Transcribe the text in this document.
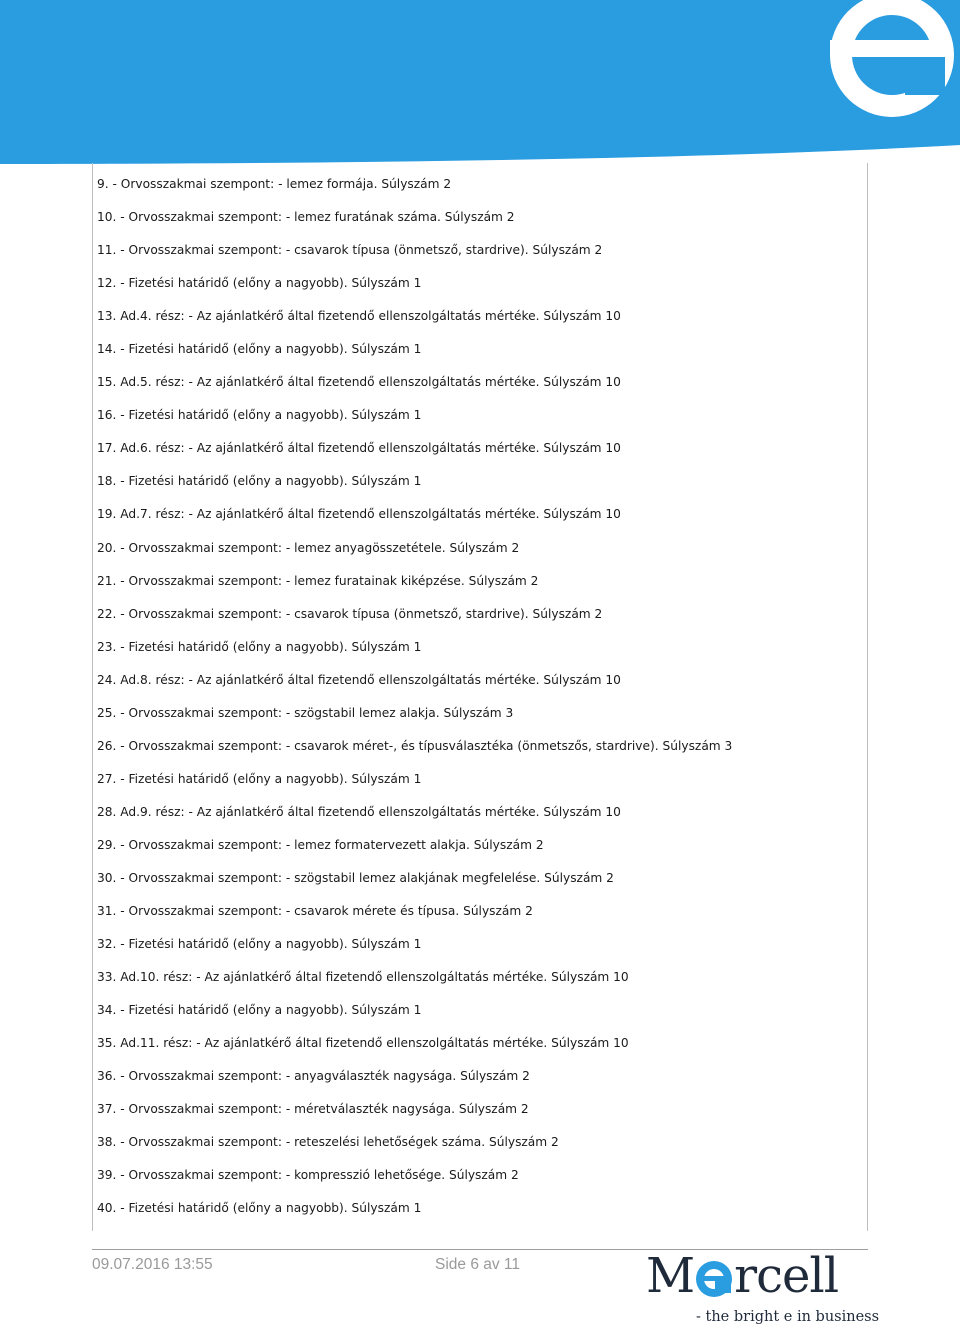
9. - Orvosszakmai szempont: - lemez formája. Súlyszám 2
10. - Orvosszakmai szempont: - lemez furatának száma. Súlyszám 2
11. - Orvosszakmai szempont: - csavarok típusa (önmetsző, stardrive). Súlyszám 2
12. - Fizetési határidő (előny a nagyobb). Súlyszám 1
13. Ad.4. rész: - Az ajánlatkérő által fizetendő ellenszolgáltatás mértéke. Súlyszám 10
14. - Fizetési határidő (előny a nagyobb). Súlyszám 1
15. Ad.5. rész: - Az ajánlatkérő által fizetendő ellenszolgáltatás mértéke. Súlyszám 10
16. - Fizetési határidő (előny a nagyobb). Súlyszám 1
17. Ad.6. rész: - Az ajánlatkérő által fizetendő ellenszolgáltatás mértéke. Súlyszám 10
18. - Fizetési határidő (előny a nagyobb). Súlyszám 1
19. Ad.7. rész: - Az ajánlatkérő által fizetendő ellenszolgáltatás mértéke. Súlyszám 10
20. - Orvosszakmai szempont: - lemez anyagösszetétele. Súlyszám 2
21. - Orvosszakmai szempont: - lemez furatainak kiképzése. Súlyszám 2
22. - Orvosszakmai szempont: - csavarok típusa (önmetsző, stardrive). Súlyszám 2
23. - Fizetési határidő (előny a nagyobb). Súlyszám 1
24. Ad.8. rész: - Az ajánlatkérő által fizetendő ellenszolgáltatás mértéke. Súlyszám 10
25. - Orvosszakmai szempont: - szögstabil lemez alakja. Súlyszám 3
26. - Orvosszakmai szempont: - csavarok méret-, és típusválasztéka (önmetszős, stardrive). Súlyszám 3
27. - Fizetési határidő (előny a nagyobb). Súlyszám 1
28. Ad.9. rész: - Az ajánlatkérő által fizetendő ellenszolgáltatás mértéke. Súlyszám 10
29. - Orvosszakmai szempont: - lemez formatervezett alakja. Súlyszám 2
30. - Orvosszakmai szempont: - szögstabil lemez alakjának megfelelése. Súlyszám 2
31. - Orvosszakmai szempont: - csavarok mérete és típusa. Súlyszám 2
32. - Fizetési határidő (előny a nagyobb). Súlyszám 1
33. Ad.10. rész: - Az ajánlatkérő által fizetendő ellenszolgáltatás mértéke. Súlyszám 10
34. - Fizetési határidő (előny a nagyobb). Súlyszám 1
35. Ad.11. rész: - Az ajánlatkérő által fizetendő ellenszolgáltatás mértéke. Súlyszám 10
36. - Orvosszakmai szempont: - anyagválaszték nagysága. Súlyszám 2
37. - Orvosszakmai szempont: - méretválaszték nagysága. Súlyszám 2
38. - Orvosszakmai szempont: - reteszelési lehetőségek száma. Súlyszám 2
39. - Orvosszakmai szempont: - kompresszió lehetősége. Súlyszám 2
40. - Fizetési határidő (előny a nagyobb). Súlyszám 1
09.07.2016 13:55	Side 6 av 11	M rcell
- the bright e in business
